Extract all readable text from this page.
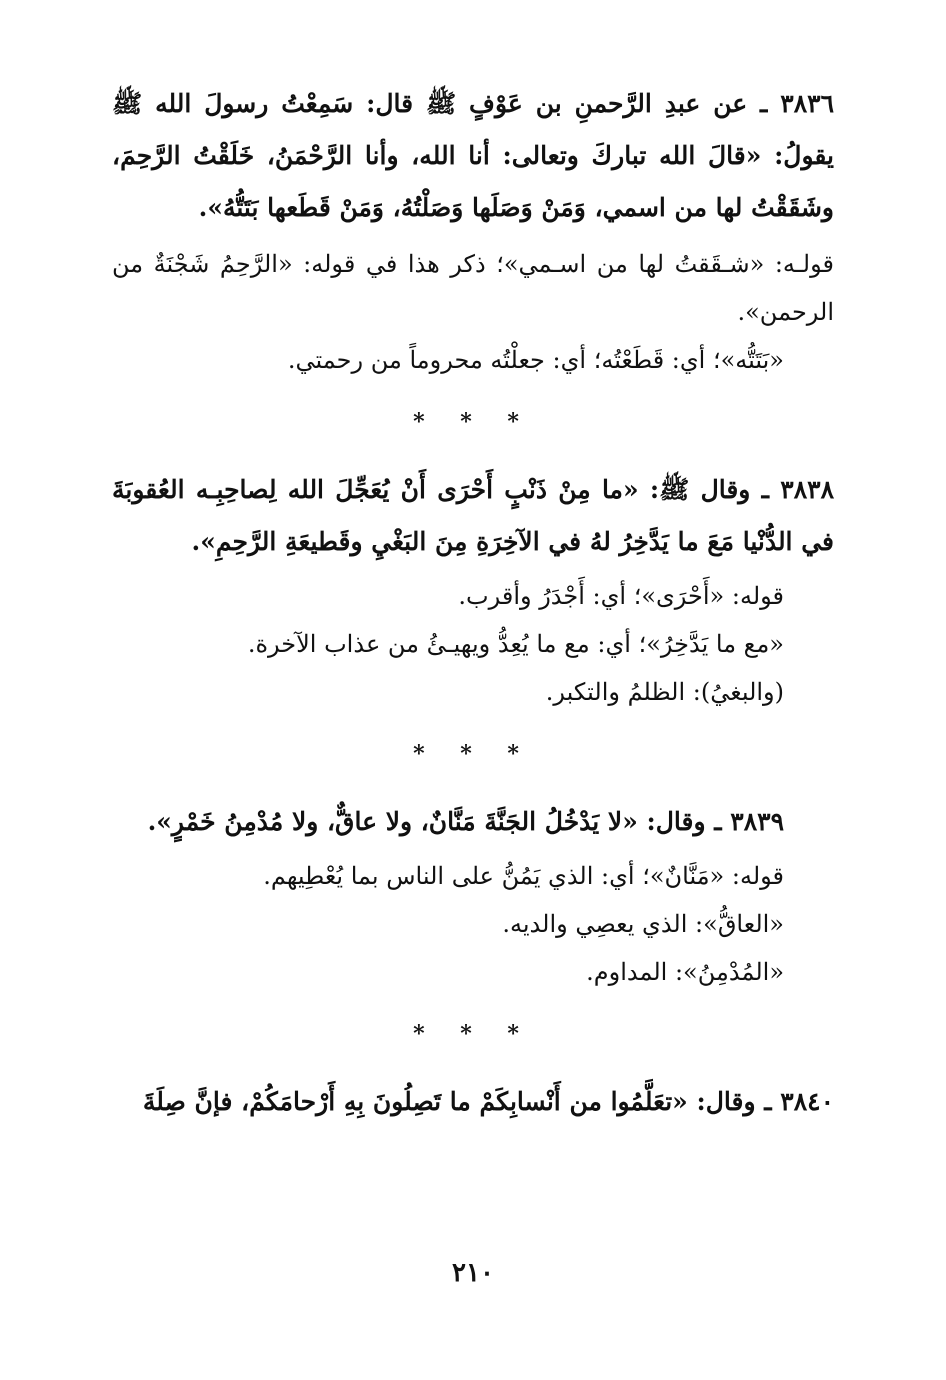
٣٨٣٦ ـ عن عبدِ الرَّحمنِ بن عَوْفٍ ﷺ قال: سَمِعْتُ رسولَ الله ﷺ يقولُ: «قالَ الله تباركَ وتعالى: أنا الله، وأنا الرَّحْمَنُ، خَلَقْتُ الرَّحِمَ، وشَقَقْتُ لها من اسمي، وَمَنْ وَصَلَها وَصَلْتُهُ، وَمَنْ قَطَعها بَتَتُّهُ».

قولـه: «شـقَقتُ لها من اسـمي»؛ ذكر هذا في قوله: «الرَّحِمُ شَجْنَةٌ من الرحمن».

«بَتَتُّه»؛ أي: قَطَعْتُه؛ أي: جعلْتُه محروماً من رحمتي.

* * *

٣٨٣٨ ـ وقال ﷺ: «ما مِنْ ذَنْبٍ أَحْرَى أَنْ يُعَجِّلَ الله لِصاحِبِـه العُقوبَةَ في الدُّنْيا مَعَ ما يَدَّخِرُ لهُ في الآخِرَةِ مِنَ البَغْيِ وقَطيعَةِ الرَّحِمِ».

قوله: «أَحْرَى»؛ أي: أَجْدَرُ وأقرب.

«مع ما يَدَّخِرُ»؛ أي: مع ما يُعِدُّ ويهيـئُ من عذاب الآخرة.

(والبغيُ): الظلمُ والتكبر.

* * *

٣٨٣٩ ـ وقال: «لا يَدْخُلُ الجَنَّةَ مَنَّانٌ، ولا عاقٌّ، ولا مُدْمِنُ خَمْرٍ».

قوله: «مَنَّانٌ»؛ أي: الذي يَمُنُّ على الناس بما يُعْطِيهم.

«العاقُّ»: الذي يعصِي والديه.

«المُدْمِنُ»: المداوم.

* * *

٣٨٤٠ ـ وقال: «تعَلَّمُوا من أَنْسابِكَمْ ما تَصِلُونَ بِهِ أَرْحامَكُمْ، فإنَّ صِلَةَ

٢١٠
